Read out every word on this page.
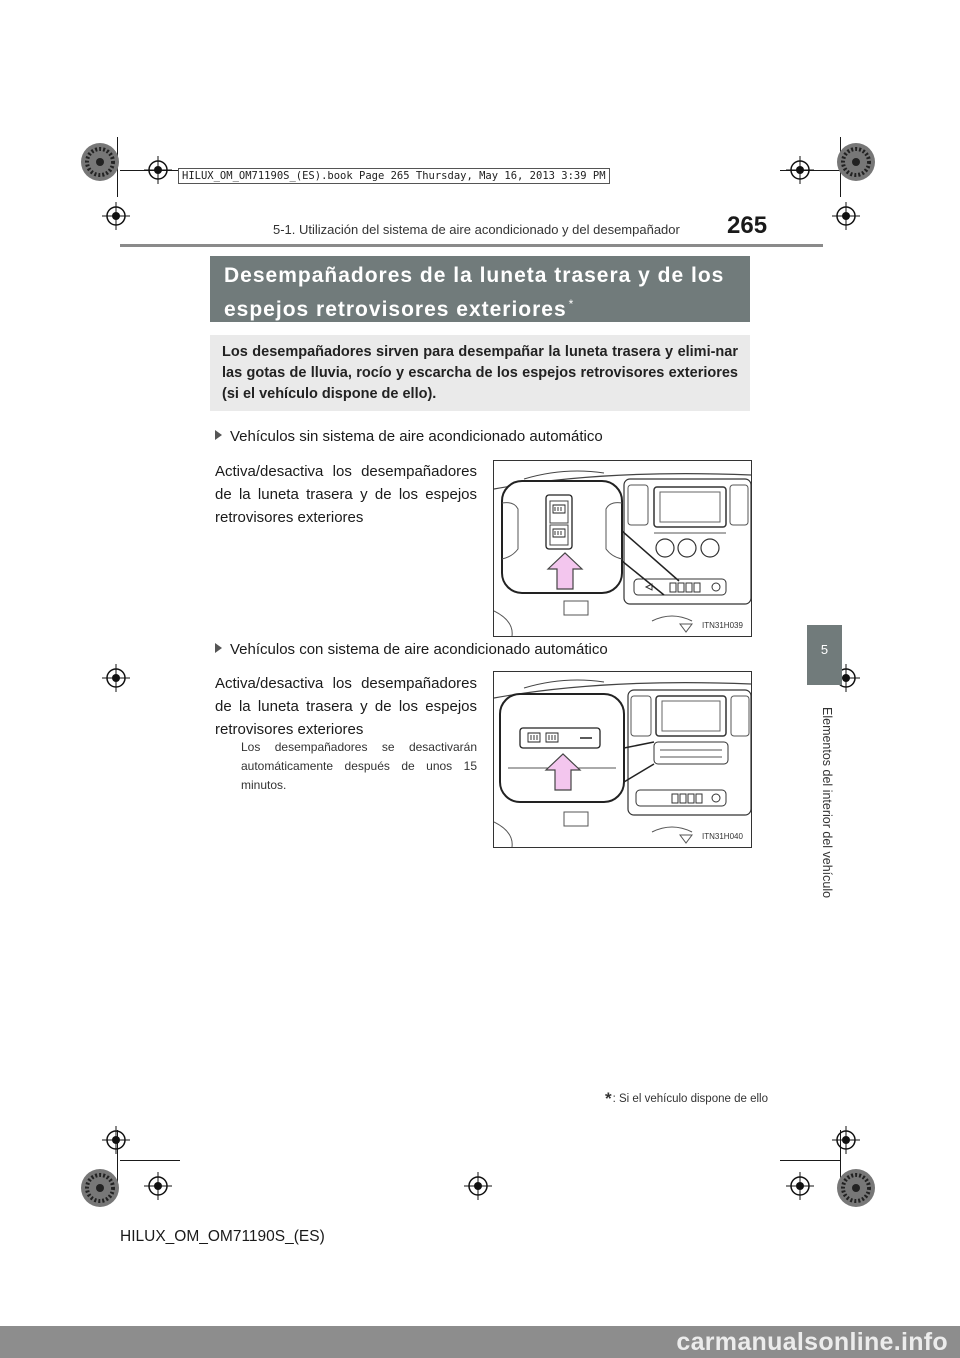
HILUX_OM_OM71190S_(ES).book Page 265 Thursday, May 16, 2013 3:39 PM
5-1. Utilización del sistema de aire acondicionado y del desempañador 265
Desempañadores de la luneta trasera y de los espejos retrovisores exteriores *
Los desempañadores sirven para desempañar la luneta trasera y elimi-nar las gotas de lluvia, rocío y escarcha de los espejos retrovisores exteriores (si el vehículo dispone de ello).
Vehículos sin sistema de aire acondicionado automático
Activa/desactiva los desempañadores de la luneta trasera y de los espejos retrovisores exteriores
ITN31H039
Vehículos con sistema de aire acondicionado automático
Activa/desactiva los desempañadores de la luneta trasera y de los espejos retrovisores exteriores
Los desempañadores se desactivarán automáticamente después de unos 15 minutos.
ITN31H040
5
Elementos del interior del vehículo
*: Si el vehículo dispone de ello
HILUX_OM_OM71190S_(ES)
carmanualsonline.info
